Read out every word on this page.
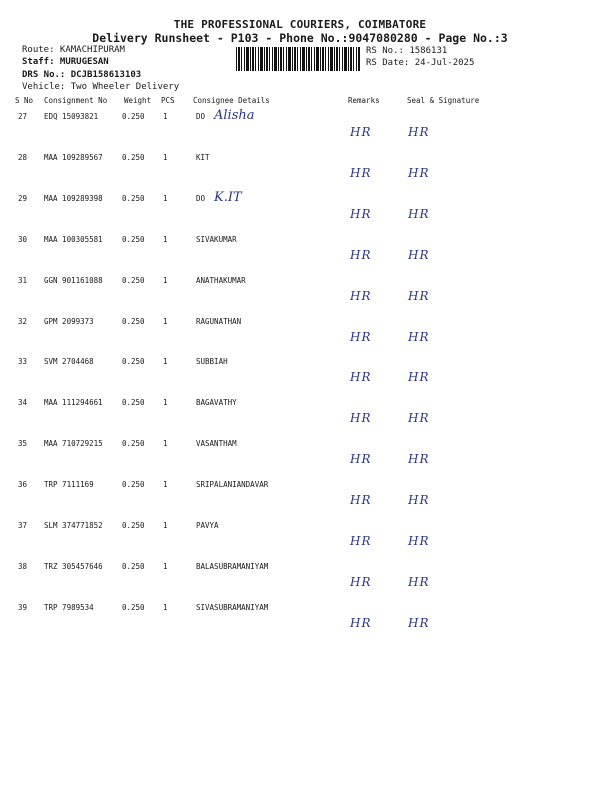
THE PROFESSIONAL COURIERS, COIMBATORE
Delivery Runsheet - P103 - Phone No.:9047080280 - Page No.:3
Route: KAMACHIPURAM
Staff: MURUGESAN
DRS No.: DCJB158613103
Vehicle: Two Wheeler Delivery
RS No.: 1586131
RS Date: 24-Jul-2025
S No Consignment No Weight PCS Consignee Details	Remarks	Seal & Signature
27 EDQ 15093821	0.250 1	DO Alisha
HR	HR
28 MAA 109289567	0.250 1	KIT
HR	HR
29 MAA 109289398	0.250 1	DO K.IT
HR	HR
30 MAA 100305581	0.250 1	SIVAKUMAR
HR	HR
31 GGN 901161088	0.250 1	ANATHAKUMAR
HR	HR
32 GPM 2099373	0.250 1	RAGUNATHAN
HR	HR
33 SVM 2704468	0.250 1	SUBBIAH
HR	HR
34 MAA 111294661	0.250 1	BAGAVATHY
HR	HR
35 MAA 710729215	0.250 1	VASANTHAM
HR	HR
36 TRP 7111169	0.250 1	SRIPALANIANDAVAR
HR	HR
37 SLM 374771852	0.250 1	PAVYA
HR	HR
38 TRZ 305457646	0.250 1	BALASUBRAMANIYAM
HR	HR
39 TRP 7989534	0.250 1	SIVASUBRAMANIYAM
HR	HR
